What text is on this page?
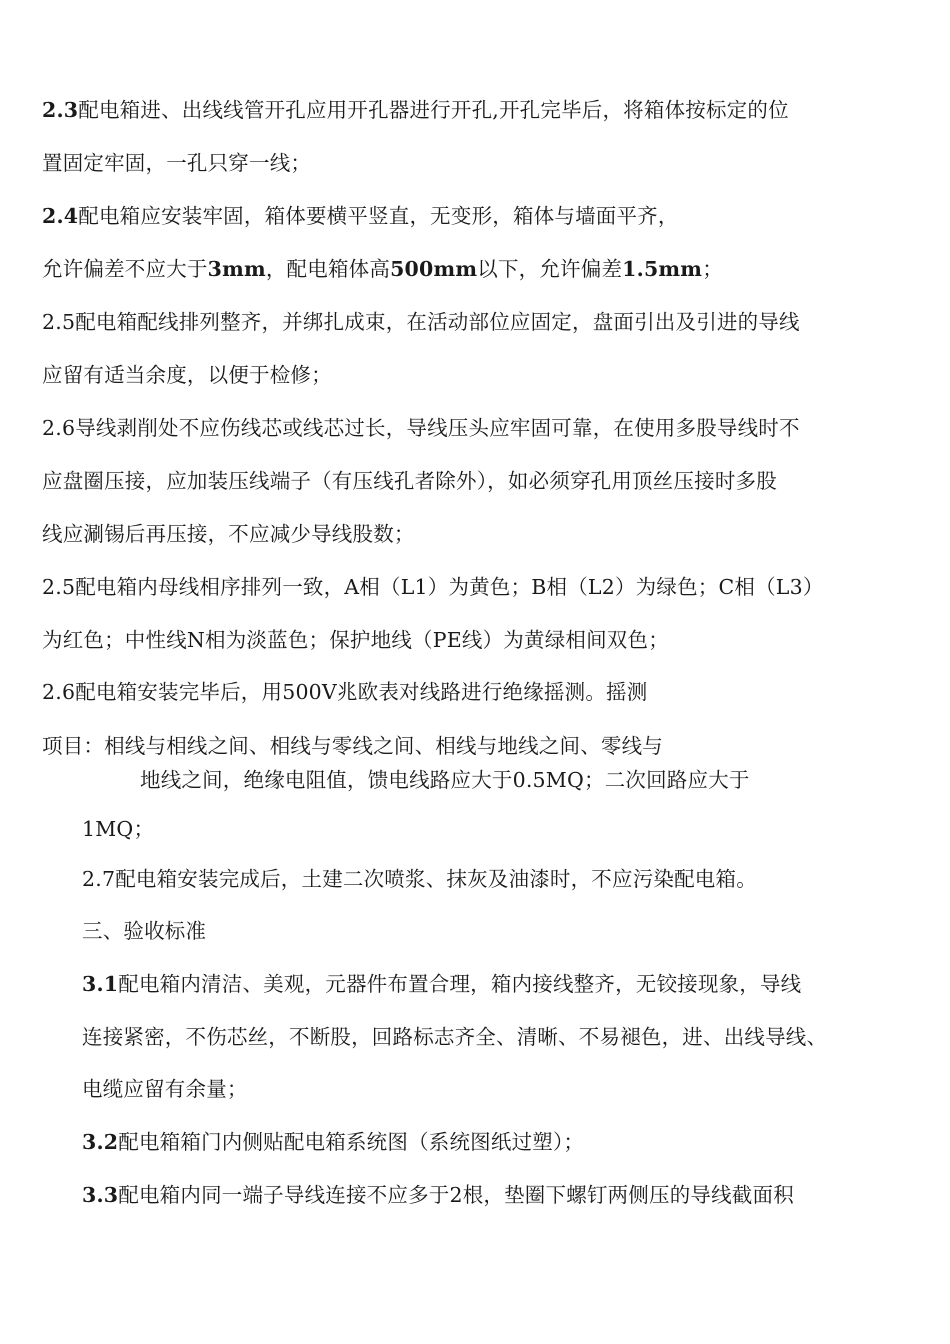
2.3配电箱进、出线线管开孔应用开孔器进行开孔,开孔完毕后，将箱体按标定的位
置固定牢固，一孔只穿一线；
2.4配电箱应安装牢固，箱体要横平竖直，无变形，箱体与墙面平齐，
允许偏差不应大于3mm，配电箱体高500mm以下，允许偏差1.5mm；
2.5配电箱配线排列整齐，并绑扎成束，在活动部位应固定，盘面引出及引进的导线
应留有适当余度，以便于检修；
2.6导线剥削处不应伤线芯或线芯过长，导线压头应牢固可靠，在使用多股导线时不
应盘圈压接，应加装压线端子（有压线孔者除外），如必须穿孔用顶丝压接时多股
线应涮锡后再压接，不应减少导线股数；
2.5配电箱内母线相序排列一致，A相（L1）为黄色；B相（L2）为绿色；C相（L3）
为红色；中性线N相为淡蓝色；保护地线（PE线）为黄绿相间双色；
2.6配电箱安装完毕后，用500V兆欧表对线路进行绝缘摇测。摇测
项目：相线与相线之间、相线与零线之间、相线与地线之间、零线与
地线之间，绝缘电阻值，馈电线路应大于0.5MQ；二次回路应大于
1MQ；
2.7配电箱安装完成后，土建二次喷浆、抹灰及油漆时，不应污染配电箱。
三、验收标准
3.1配电箱内清洁、美观，元器件布置合理，箱内接线整齐，无铰接现象，导线
连接紧密，不伤芯丝，不断股，回路标志齐全、清晰、不易褪色，进、出线导线、
电缆应留有余量；
3.2配电箱箱门内侧贴配电箱系统图（系统图纸过塑）；
3.3配电箱内同一端子导线连接不应多于2根，垫圈下螺钉两侧压的导线截面积
